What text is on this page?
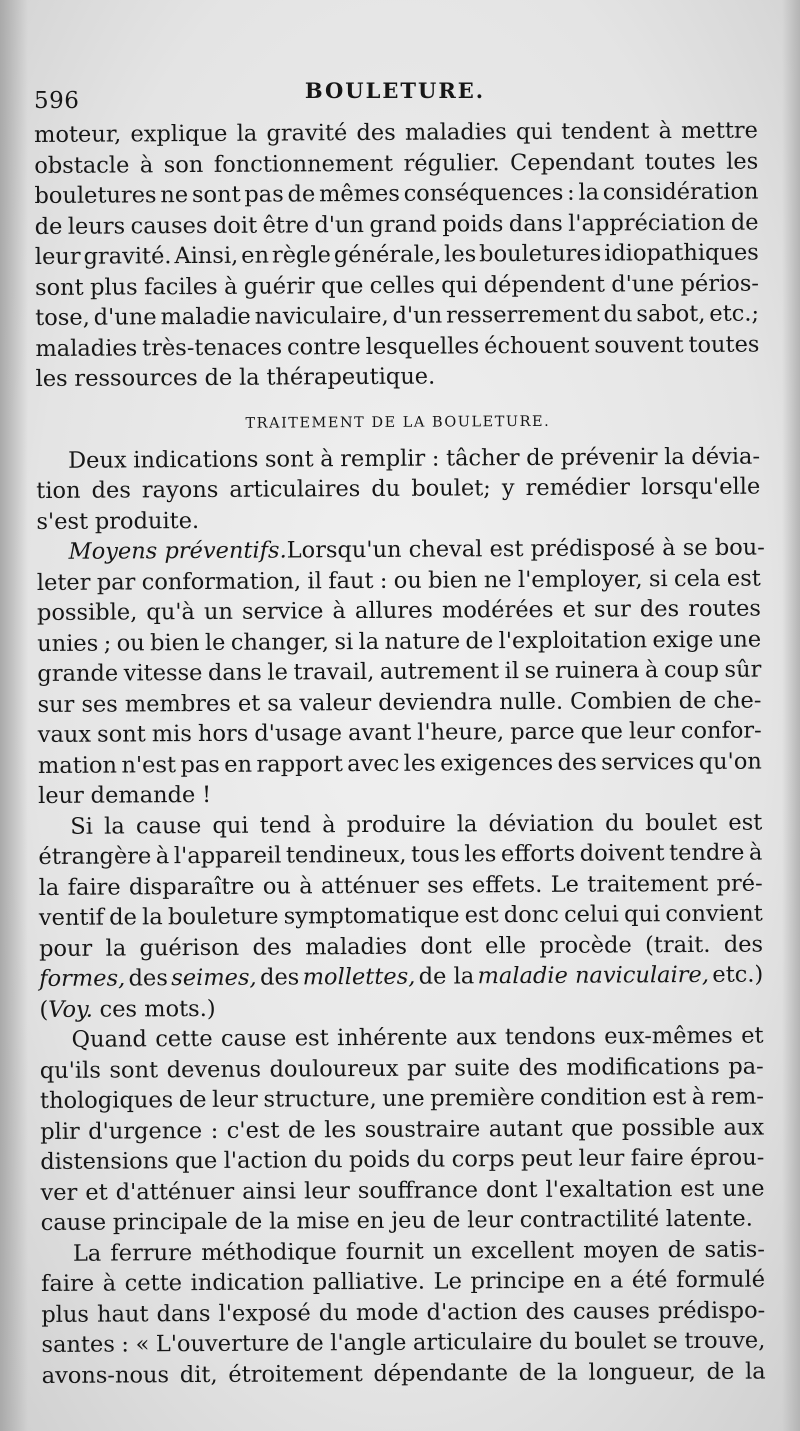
596	BOULETURE.
moteur, explique la gravité des maladies qui tendent à mettre
obstacle à son fonctionnement régulier. Cependant toutes les
bouletures ne sont pas de mêmes conséquences : la considération
de leurs causes doit être d'un grand poids dans l'appréciation de
leur gravité. Ainsi, en règle générale, les bouletures idiopathiques
sont plus faciles à guérir que celles qui dépendent d'une périos-
tose, d'une maladie naviculaire, d'un resserrement du sabot, etc.;
maladies très-tenaces contre lesquelles échouent souvent toutes
les ressources de la thérapeutique.
TRAITEMENT DE LA BOULETURE.
Deux indications sont à remplir : tâcher de prévenir la dévia-
tion des rayons articulaires du boulet; y remédier lorsqu'elle
s'est produite.
Moyens préventifs. Lorsqu'un cheval est prédisposé à se bou-
leter par conformation, il faut : ou bien ne l'employer, si cela est
possible, qu'à un service à allures modérées et sur des routes
unies ; ou bien le changer, si la nature de l'exploitation exige une
grande vitesse dans le travail, autrement il se ruinera à coup sûr
sur ses membres et sa valeur deviendra nulle. Combien de che-
vaux sont mis hors d'usage avant l'heure, parce que leur confor-
mation n'est pas en rapport avec les exigences des services qu'on
leur demande !
Si la cause qui tend à produire la déviation du boulet est
étrangère à l'appareil tendineux, tous les efforts doivent tendre à
la faire disparaître ou à atténuer ses effets. Le traitement pré-
ventif de la bouleture symptomatique est donc celui qui convient
pour la guérison des maladies dont elle procède (trait. des
formes, des seimes, des mollettes, de la maladie naviculaire, etc.)
( Voy. ces mots.)
Quand cette cause est inhérente aux tendons eux-mêmes et
qu'ils sont devenus douloureux par suite des modifications pa-
thologiques de leur structure, une première condition est à rem-
plir d'urgence : c'est de les soustraire autant que possible aux
distensions que l'action du poids du corps peut leur faire éprou-
ver et d'atténuer ainsi leur souffrance dont l'exaltation est une
cause principale de la mise en jeu de leur contractilité latente.
La ferrure méthodique fournit un excellent moyen de satis-
faire à cette indication palliative. Le principe en a été formulé
plus haut dans l'exposé du mode d'action des causes prédispo-
santes : « L'ouverture de l'angle articulaire du boulet se trouve,
avons-nous dit, étroitement dépendante de la longueur, de la
